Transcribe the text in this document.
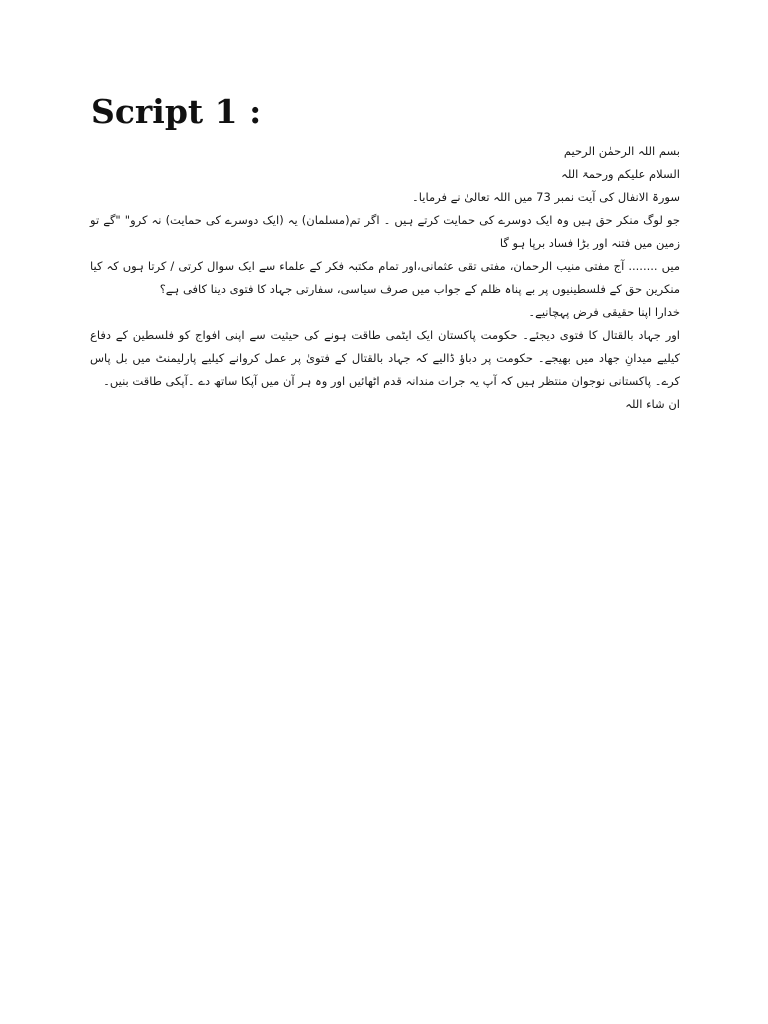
Script 1 :

بسم اللہ الرحمٰن الرحیم

السلام علیکم ورحمۃ اللہ

سورۃ الانفال کی آیت نمبر 73 میں اللہ تعالیٰ نے فرمایا۔

جو لوگ منکر حق ہیں وہ ایک دوسرے کی حمایت کرتے ہیں ۔ اگر تم(مسلمان) یہ (ایک دوسرے کی حمایت) نہ کرو" "گے تو زمین میں فتنہ اور بڑا فساد برپا ہو گا

میں ........ آج مفتی منیب الرحمان، مفتی تقی عثمانی،اور تمام مکتبہ فکر کے علماء سے ایک سوال کرتی / کرتا ہوں کہ کیا منکرین حق کے فلسطینیوں پر بے پناہ ظلم کے جواب میں صرف سیاسی، سفارتی جہاد کا فتوی دینا کافی ہے؟

خدارا اپنا حقیقی فرض پہچانیے۔

اور جہاد بالقتال کا فتوی دیجئے۔ حکومت پاکستان ایک ایٹمی طاقت ہونے کی حیثیت سے اپنی افواج کو فلسطین کے دفاع کیلیے میدانِ جھاد میں بھیجے۔ حکومت پر دباؤ ڈالیے کہ جہاد بالقتال کے فتویٰ پر عمل کروانے کیلیے پارلیمنٹ میں بل پاس کرے۔ پاکستانی نوجوان منتظر ہیں کہ آپ یہ جرات مندانہ قدم اٹھائیں اور وہ ہر آن میں آپکا ساتھ دے ۔آپکی طاقت بنیں۔

ان شاء اللہ
